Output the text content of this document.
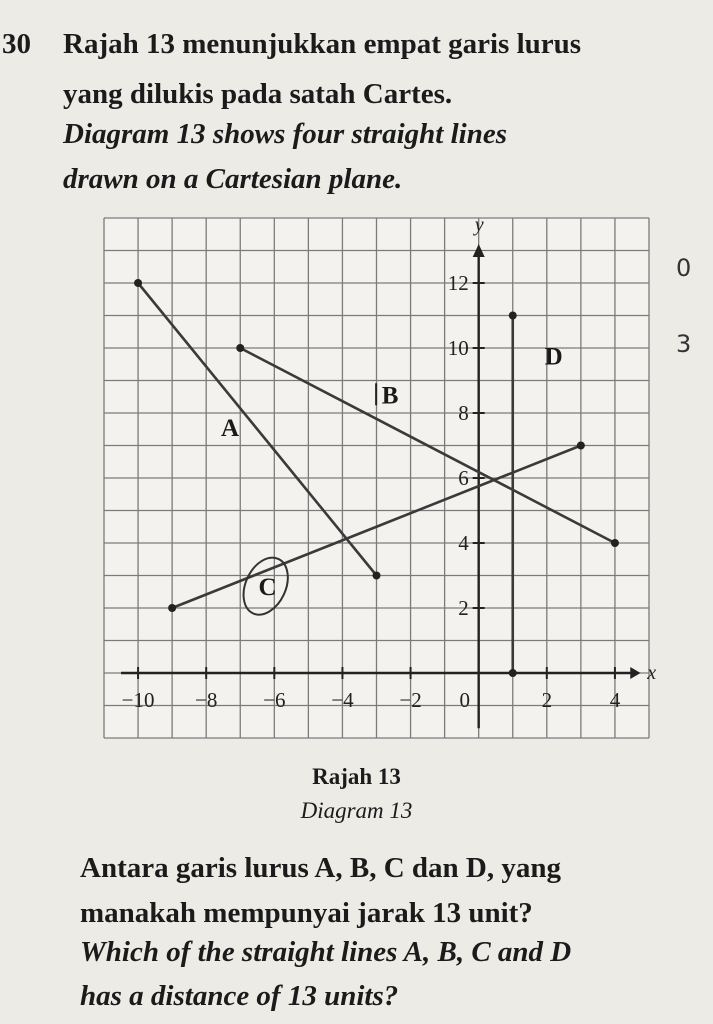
30 Rajah 13 menunjukkan empat garis lurus
yang dilukis pada satah Cartes.
Diagram 13 shows four straight lines
drawn on a Cartesian plane.
x
y
−10 −8 −6 −4 −2 0	2	4
2
4
6
8
10
12
A
B
C
D
Rajah 13
Diagram 13
Antara garis lurus A, B, C dan D, yang
manakah mempunyai jarak 13 unit?
Which of the straight lines A, B, C and D
has a distance of 13 units?
0
3
